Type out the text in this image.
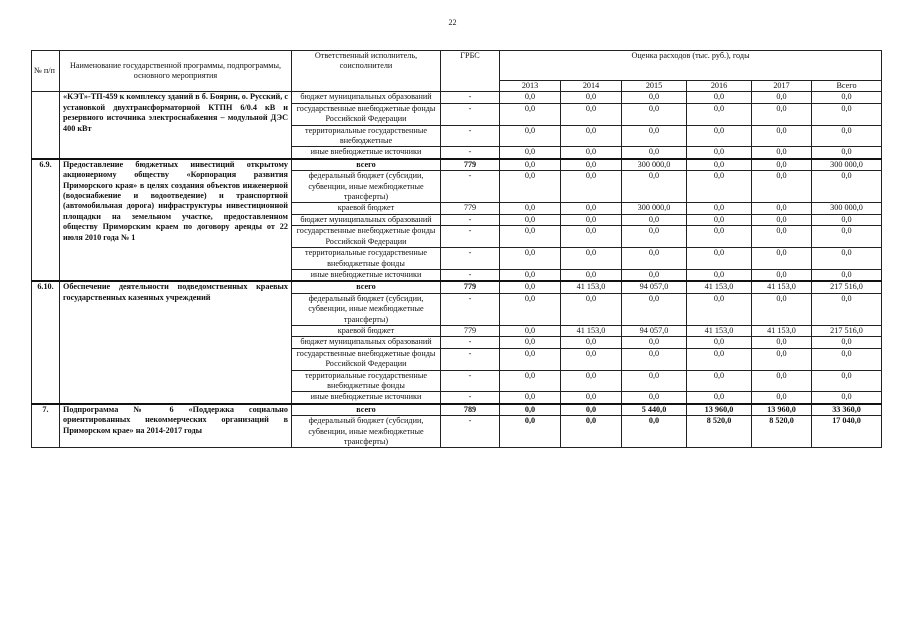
22
№ п/п	Наименование государственной программы, подпрограммы, основного мероприятия	Ответственный исполнитель, соисполнители	ГРБС	Оценка расходов (тыс. руб.), годы					
				2013	2014	2015	2016	2017	Всего
	«КЭТ»-ТП-459 к комплексу зданий в б. Боярин, о. Русский, с установкой двухтрансформаторной КТПН 6/0.4 кВ и резервного источника электроснабжения – модульной ДЭС 400 кВт	бюджет муниципальных образований	-	0,0	0,0	0,0	0,0	0,0	0,0
		государственные внебюджетные фонды Российской Федерации	-	0,0	0,0	0,0	0,0	0,0	0,0
		территориальные государственные внебюджетные	-	0,0	0,0	0,0	0,0	0,0	0,0
		иные внебюджетные источники	-	0,0	0,0	0,0	0,0	0,0	0,0
6.9.	Предоставление бюджетных инвестиций открытому акционерному обществу «Корпорация развития Приморского края» в целях создания объектов инженерной (водоснабжение и водоотведение) и транспортной (автомобильная дорога) инфраструктуры инвестиционной площадки на земельном участке, предоставленном обществу Приморским краем по договору аренды от 22 июля 2010 года № 1	всего	779	0,0	0,0	300 000,0	0,0	0,0	300 000,0
		федеральный бюджет (субсидии, субвенции, иные межбюджетные трансферты)	-	0,0	0,0	0,0	0,0	0,0	0,0
		краевой бюджет	779	0,0	0,0	300 000,0	0,0	0,0	300 000,0
		бюджет муниципальных образований	-	0,0	0,0	0,0	0,0	0,0	0,0
		государственные внебюджетные фонды Российской Федерации	-	0,0	0,0	0,0	0,0	0,0	0,0
		территориальные государственные внебюджетные фонды	-	0,0	0,0	0,0	0,0	0,0	0,0
		иные внебюджетные источники	-	0,0	0,0	0,0	0,0	0,0	0,0
6.10.	Обеспечение деятельности подведомственных краевых государственных казенных учреждений	всего	779	0,0	41 153,0	94 057,0	41 153,0	41 153,0	217 516,0
		федеральный бюджет (субсидии, субвенции, иные межбюджетные трансферты)	-	0,0	0,0	0,0	0,0	0,0	0,0
		краевой бюджет	779	0,0	41 153,0	94 057,0	41 153,0	41 153,0	217 516,0
		бюджет муниципальных образований	-	0,0	0,0	0,0	0,0	0,0	0,0
		государственные внебюджетные фонды Российской Федерации	-	0,0	0,0	0,0	0,0	0,0	0,0
		территориальные государственные внебюджетные фонды	-	0,0	0,0	0,0	0,0	0,0	0,0
		иные внебюджетные источники	-	0,0	0,0	0,0	0,0	0,0	0,0
7.	Подпрограмма № 6 «Поддержка социально ориентированных некоммерческих организаций в Приморском крае» на 2014-2017 годы	всего	789	0,0	0,0	5 440,0	13 960,0	13 960,0	33 360,0
		федеральный бюджет (субсидии, субвенции, иные межбюджетные трансферты)	-	0,0	0,0	0,0	8 520,0	8 520,0	17 040,0
